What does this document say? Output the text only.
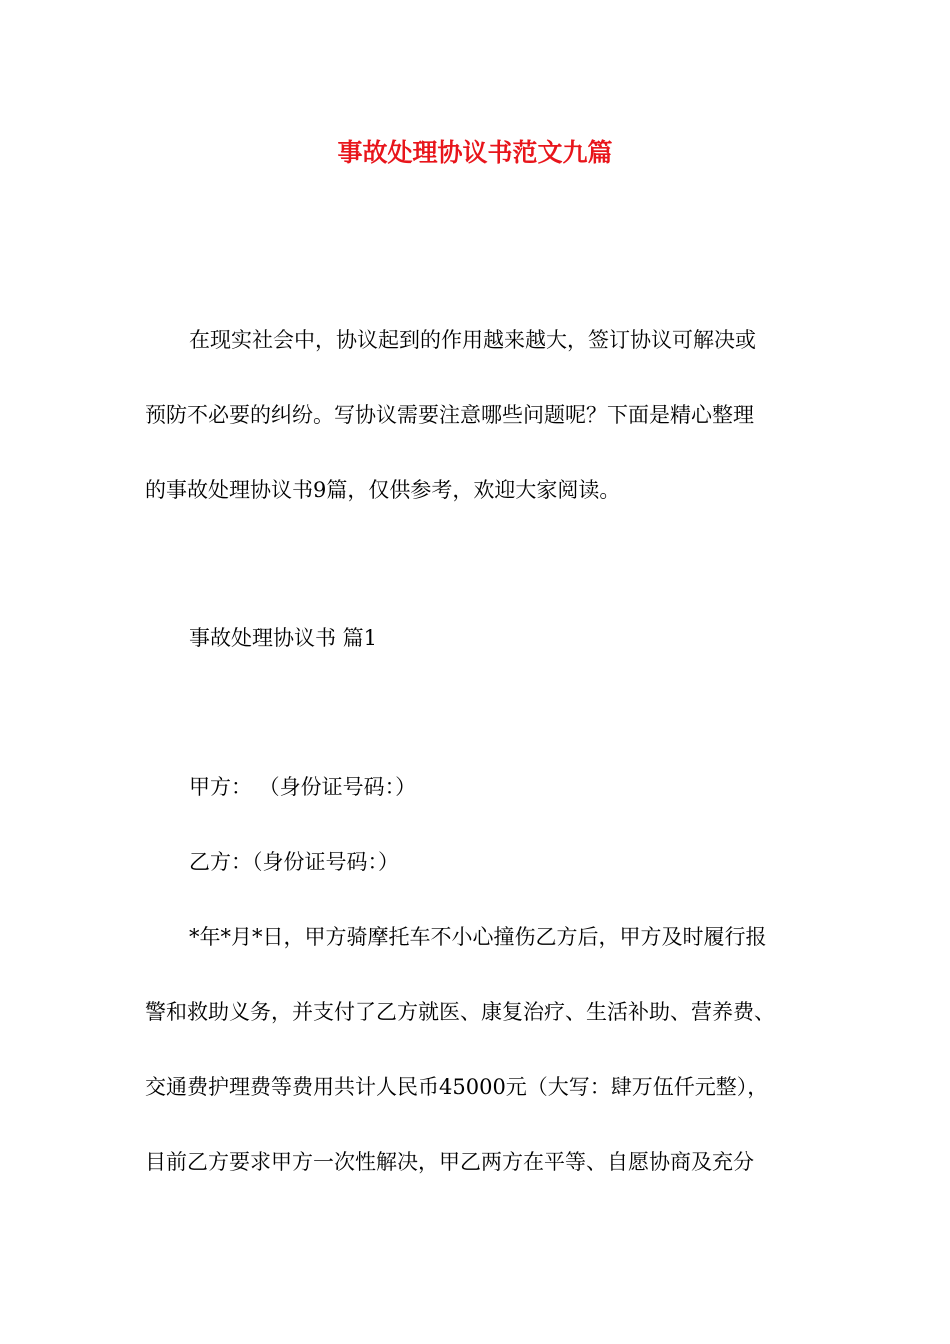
事故处理协议书范文九篇
在现实社会中，协议起到的作用越来越大，签订协议可解决或
预防不必要的纠纷。写协议需要注意哪些问题呢？下面是精心整理
的事故处理协议书9篇，仅供参考，欢迎大家阅读。
事故处理协议书 篇1
甲方： （身份证号码：）
乙方：（身份证号码：）
*年*月*日，甲方骑摩托车不小心撞伤乙方后，甲方及时履行报
警和救助义务，并支付了乙方就医、康复治疗、生活补助、营养费、
交通费护理费等费用共计人民币45000元（大写：肆万伍仟元整），
目前乙方要求甲方一次性解决，甲乙两方在平等、自愿协商及充分
